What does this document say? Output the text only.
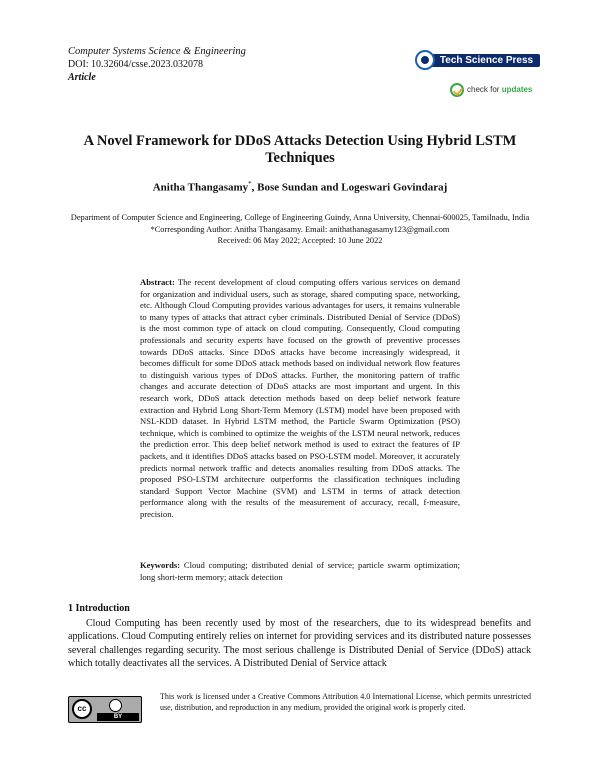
Computer Systems Science & Engineering
DOI: 10.32604/csse.2023.032078
Article
Tech Science Press
check for updates
A Novel Framework for DDoS Attacks Detection Using Hybrid LSTM Techniques
Anitha Thangasamy*, Bose Sundan and Logeswari Govindaraj
Department of Computer Science and Engineering, College of Engineering Guindy, Anna University, Chennai-600025, Tamilnadu, India
*Corresponding Author: Anitha Thangasamy. Email: anithathanagasamy123@gmail.com
Received: 06 May 2022; Accepted: 10 June 2022
Abstract: The recent development of cloud computing offers various services on demand for organization and individual users, such as storage, shared computing space, networking, etc. Although Cloud Computing provides various advantages for users, it remains vulnerable to many types of attacks that attract cyber criminals. Distributed Denial of Service (DDoS) is the most common type of attack on cloud computing. Consequently, Cloud computing professionals and security experts have focused on the growth of preventive processes towards DDoS attacks. Since DDoS attacks have become increasingly widespread, it becomes difficult for some DDoS attack methods based on individual network flow features to distinguish various types of DDoS attacks. Further, the monitoring pattern of traffic changes and accurate detection of DDoS attacks are most important and urgent. In this research work, DDoS attack detection methods based on deep belief network feature extraction and Hybrid Long Short-Term Memory (LSTM) model have been proposed with NSL-KDD dataset. In Hybrid LSTM method, the Particle Swarm Optimization (PSO) technique, which is combined to optimize the weights of the LSTM neural network, reduces the prediction error. This deep belief network method is used to extract the features of IP packets, and it identifies DDoS attacks based on PSO-LSTM model. Moreover, it accurately predicts normal network traffic and detects anomalies resulting from DDoS attacks. The proposed PSO-LSTM architecture outperforms the classification techniques including standard Support Vector Machine (SVM) and LSTM in terms of attack detection performance along with the results of the measurement of accuracy, recall, f-measure, precision.
Keywords: Cloud computing; distributed denial of service; particle swarm optimization; long short-term memory; attack detection
1 Introduction
Cloud Computing has been recently used by most of the researchers, due to its widespread benefits and applications. Cloud Computing entirely relies on internet for providing services and its distributed nature possesses several challenges regarding security. The most serious challenge is Distributed Denial of Service (DDoS) attack which totally deactivates all the services. A Distributed Denial of Service attack
cc
BY
This work is licensed under a Creative Commons Attribution 4.0 International License, which permits unrestricted use, distribution, and reproduction in any medium, provided the original work is properly cited.
